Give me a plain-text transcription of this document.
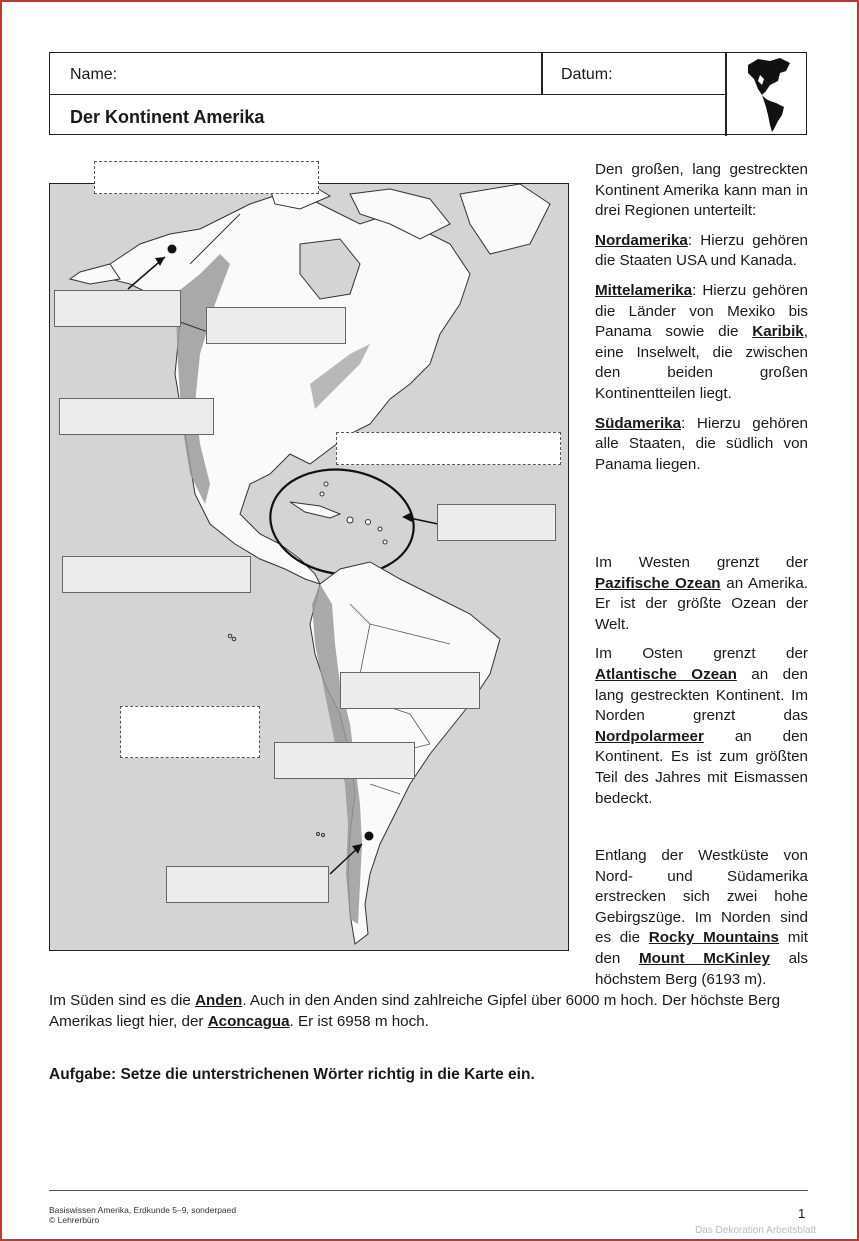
Name:	Datum:
Der Kontinent Amerika

Den großen, lang gestreckten Kontinent Amerika kann man in drei Regionen unterteilt:

Nordamerika: Hierzu gehören die Staaten USA und Kanada.

Mittelamerika: Hierzu gehören die Länder von Mexiko bis Panama sowie die Karibik, eine Inselwelt, die zwischen den beiden großen Kontinentteilen liegt.

Südamerika: Hierzu gehören alle Staaten, die südlich von Panama liegen.

Im Westen grenzt der Pazifische Ozean an Amerika. Er ist der größte Ozean der Welt.

Im Osten grenzt der Atlantische Ozean an den lang gestreckten Kontinent. Im Norden grenzt das Nordpolarmeer an den Kontinent. Es ist zum größten Teil des Jahres mit Eismassen bedeckt.

Entlang der Westküste von Nord- und Südamerika erstrecken sich zwei hohe Gebirgszüge. Im Norden sind es die Rocky Mountains mit den Mount McKinley als höchstem Berg (6193 m).

Im Süden sind es die Anden. Auch in den Anden sind zahlreiche Gipfel über 6000 m hoch. Der höchste Berg Amerikas liegt hier, der Aconcagua. Er ist 6958 m hoch.
Aufgabe: Setze die unterstrichenen Wörter richtig in die Karte ein.
Basiswissen Amerika, Erdkunde 5–9, sonderpaed
© Lehrerbüro	1
Das Dekoration Arbeitsblatt
